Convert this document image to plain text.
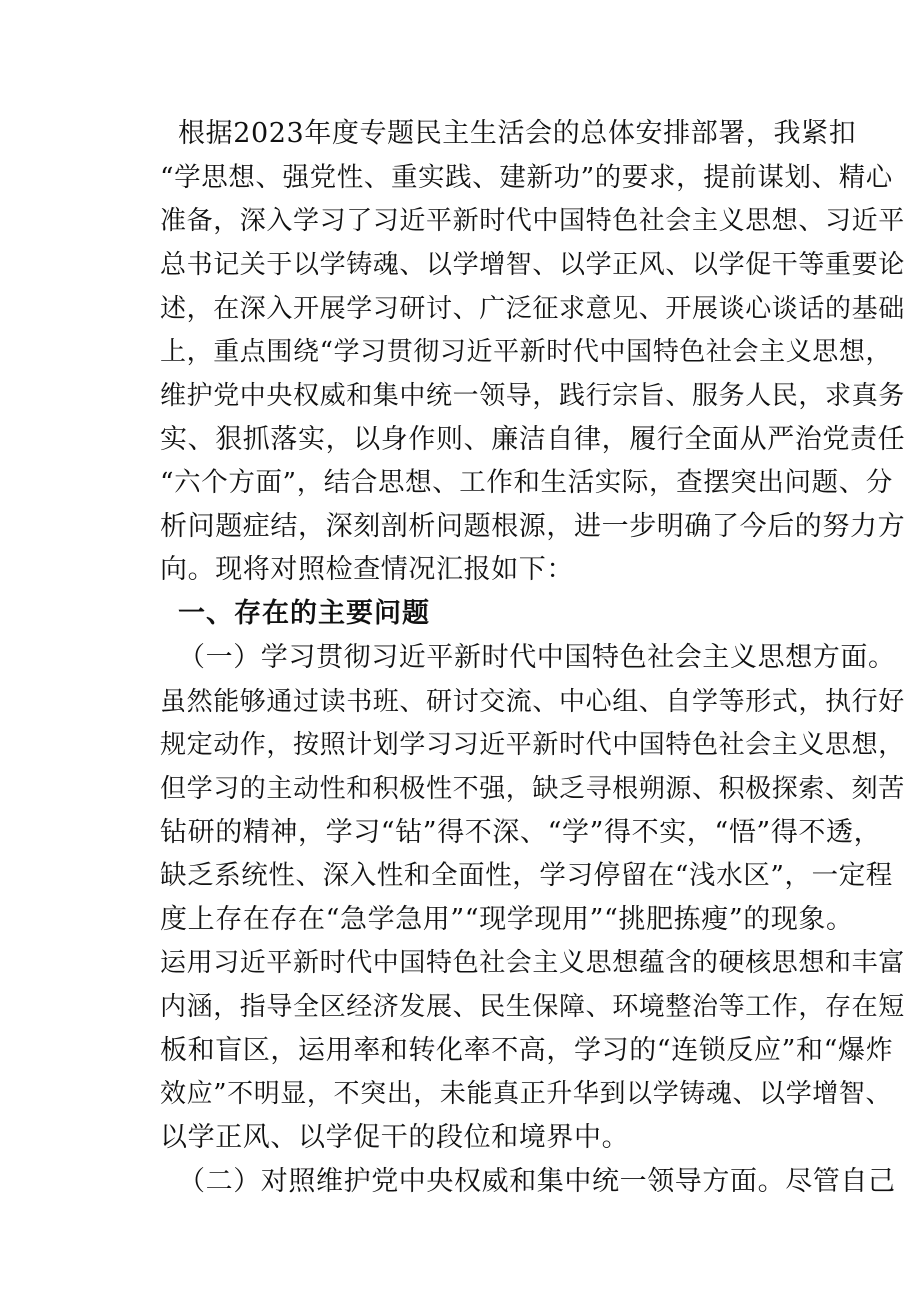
根据2023年度专题民主生活会的总体安排部署，我紧扣
“学思想、强党性、重实践、建新功”的要求，提前谋划、精心
准备，深入学习了习近平新时代中国特色社会主义思想、习近平
总书记关于以学铸魂、以学增智、以学正风、以学促干等重要论
述，在深入开展学习研讨、广泛征求意见、开展谈心谈话的基础
上，重点围绕“学习贯彻习近平新时代中国特色社会主义思想，
维护党中央权威和集中统一领导，践行宗旨、服务人民，求真务
实、狠抓落实，以身作则、廉洁自律，履行全面从严治党责任
“六个方面”，结合思想、工作和生活实际，查摆突出问题、分
析问题症结，深刻剖析问题根源，进一步明确了今后的努力方
向。现将对照检查情况汇报如下：
一、存在的主要问题
（一）学习贯彻习近平新时代中国特色社会主义思想方面。
虽然能够通过读书班、研讨交流、中心组、自学等形式，执行好
规定动作，按照计划学习习近平新时代中国特色社会主义思想，
但学习的主动性和积极性不强，缺乏寻根朔源、积极探索、刻苦
钻研的精神，学习“钻”得不深、“学”得不实，“悟”得不透，
缺乏系统性、深入性和全面性，学习停留在“浅水区”，一定程
度上存在存在“急学急用”“现学现用”“挑肥拣瘦”的现象。
运用习近平新时代中国特色社会主义思想蕴含的硬核思想和丰富
内涵，指导全区经济发展、民生保障、环境整治等工作，存在短
板和盲区，运用率和转化率不高，学习的“连锁反应”和“爆炸
效应”不明显，不突出，未能真正升华到以学铸魂、以学增智、
以学正风、以学促干的段位和境界中。
（二）对照维护党中央权威和集中统一领导方面。尽管自己
